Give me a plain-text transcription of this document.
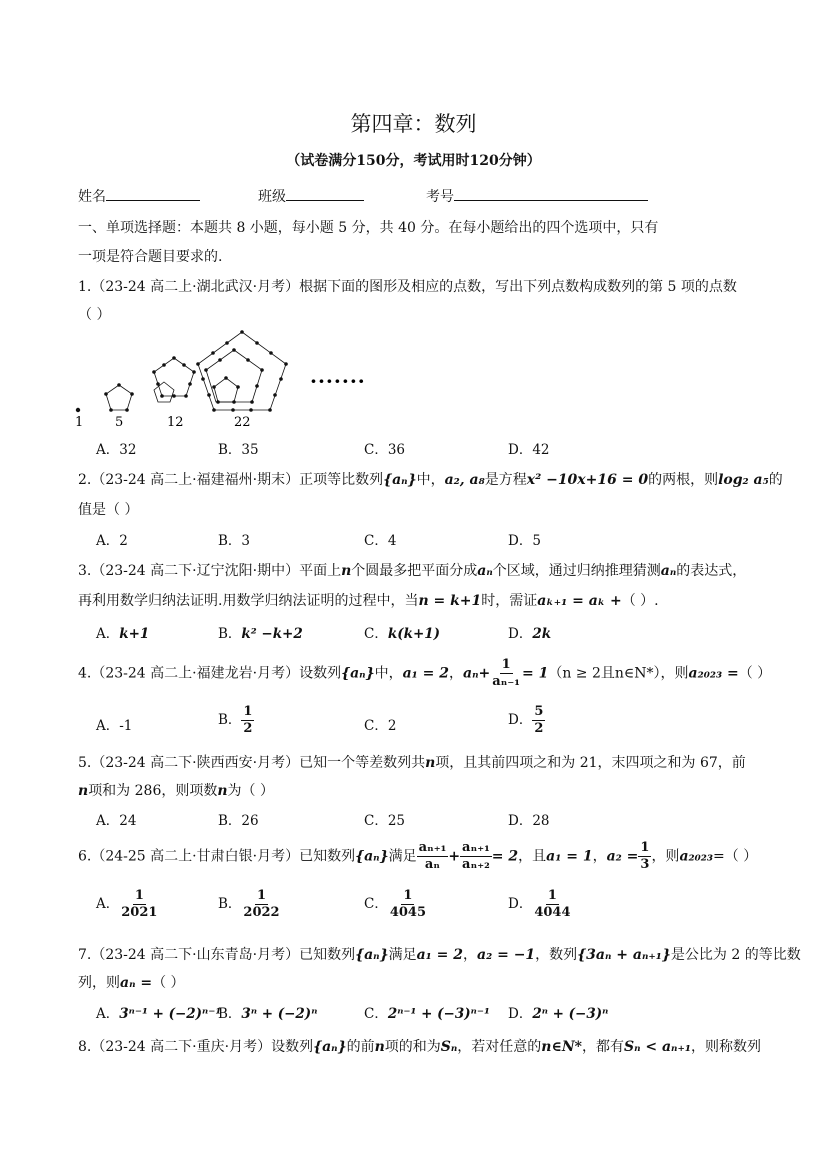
第四章：数列
（试卷满分150分，考试用时120分钟）
姓名	班级	考号
一、单项选择题：本题共 8 小题，每小题 5 分，共 40 分。在每小题给出的四个选项中，只有
一项是符合题目要求的.
1.（23-24 高二上·湖北武汉·月考）根据下面的图形及相应的点数，写出下列点数构成数列的第 5 项的点数
（ ）
1 5	12	22
·······
A．32	B．35	C．36	D．42
2.（23-24 高二上·福建福州·期末）正项等比数列{aₙ}中，a₂, a₈是方程x² −10x+16 = 0的两根，则log₂ a₅的
值是（ ）
A．2	B．3	C．4	D．5
3.（23-24 高二下·辽宁沈阳·期中）平面上n个圆最多把平面分成aₙ个区域，通过归纳推理猜测aₙ的表达式，
再利用数学归纳法证明.用数学归纳法证明的过程中，当n = k+1时，需证aₖ₊₁ = aₖ +（ ）.
A．k+1	B．k² −k+2	C．k(k+1)	D．2k
4.（23-24 高二上·福建龙岩·月考）设数列{aₙ}中，a₁ = 2，$a_n+ \frac{1}{\text{aₙ₋₁}} = 1(n \ge 2$且n∈N*），则a₂₀₂₃ =（ ）
A．-1	B． $\frac{1}{2}$	C．2	D． $\frac{5}{2}$
5.（23-24 高二下·陕西西安·月考）已知一个等差数列共n项，且其前四项之和为 21，末四项之和为 67，前
n项和为 286，则项数n为（ ）
A．24	B．26	C．25	D．28
6.（24-25 高二上·甘肃白银·月考）已知数列{aₙ}满足 $\frac{\text{aₙ₊₁}}{\text{aₙ}} + \frac{\text{aₙ₊₁}}{\text{aₙ₊₂}} = 2$，且a₁ = 1，$a_2 = \frac{1}{3}$ ，则a₂₀₂₃=（ ）
A． $\frac{1}{2021}$	B． $\frac{1}{2022}$	C． $\frac{1}{4045}$	D． $\frac{1}{4044}$
7.（23-24 高二下·山东青岛·月考）已知数列{aₙ}满足a₁ = 2，a₂ = −1，数列{3aₙ + aₙ₊₁}是公比为 2 的等比数
列，则aₙ =（ ）
A．3ⁿ⁻¹ + (−2)ⁿ⁻¹
B．3ⁿ + (−2)ⁿ	C．2ⁿ⁻¹ + (−3)ⁿ⁻¹ D．2ⁿ + (−3)ⁿ
8.（23-24 高二下·重庆·月考）设数列{aₙ}的前n项的和为Sₙ，若对任意的n∈N*，都有Sₙ < aₙ₊₁，则称数列
